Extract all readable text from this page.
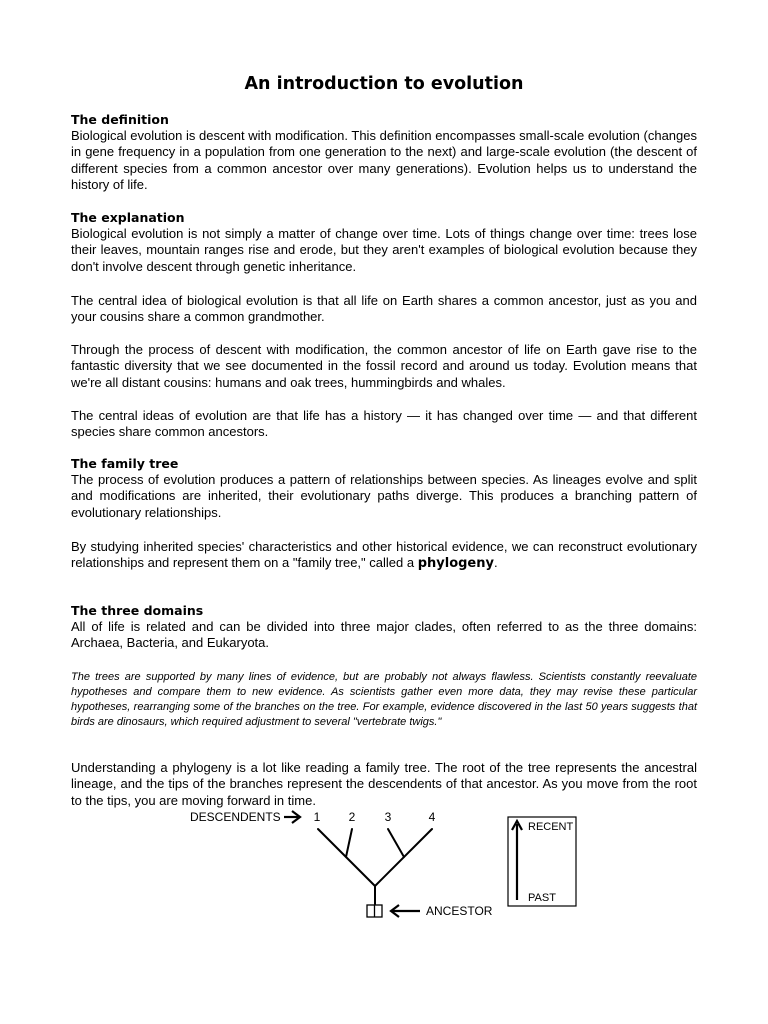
An introduction to evolution
The definition
Biological evolution is descent with modification. This definition encompasses small-scale evolution (changes in gene frequency in a population from one generation to the next) and large-scale evolution (the descent of different species from a common ancestor over many generations). Evolution helps us to understand the history of life.
The explanation
Biological evolution is not simply a matter of change over time. Lots of things change over time: trees lose their leaves, mountain ranges rise and erode, but they aren't examples of biological evolution because they don't involve descent through genetic inheritance.
The central idea of biological evolution is that all life on Earth shares a common ancestor, just as you and your cousins share a common grandmother.
Through the process of descent with modification, the common ancestor of life on Earth gave rise to the fantastic diversity that we see documented in the fossil record and around us today. Evolution means that we're all distant cousins: humans and oak trees, hummingbirds and whales.
The central ideas of evolution are that life has a history — it has changed over time — and that different species share common ancestors.
The family tree
The process of evolution produces a pattern of relationships between species. As lineages evolve and split and modifications are inherited, their evolutionary paths diverge. This produces a branching pattern of evolutionary relationships.
By studying inherited species' characteristics and other historical evidence, we can reconstruct evolutionary relationships and represent them on a "family tree," called a phylogeny.
The three domains
All of life is related and can be divided into three major clades, often referred to as the three domains: Archaea, Bacteria, and Eukaryota.
The trees are supported by many lines of evidence, but are probably not always flawless. Scientists constantly reevaluate hypotheses and compare them to new evidence. As scientists gather even more data, they may revise these particular hypotheses, rearranging some of the branches on the tree. For example, evidence discovered in the last 50 years suggests that birds are dinosaurs, which required adjustment to several "vertebrate twigs."
Understanding a phylogeny is a lot like reading a family tree. The root of the tree represents the ancestral lineage, and the tips of the branches represent the descendents of that ancestor. As you move from the root to the tips, you are moving forward in time.
DESCENDENTS	1 2 3	4
ANCESTOR
RECENT
PAST
